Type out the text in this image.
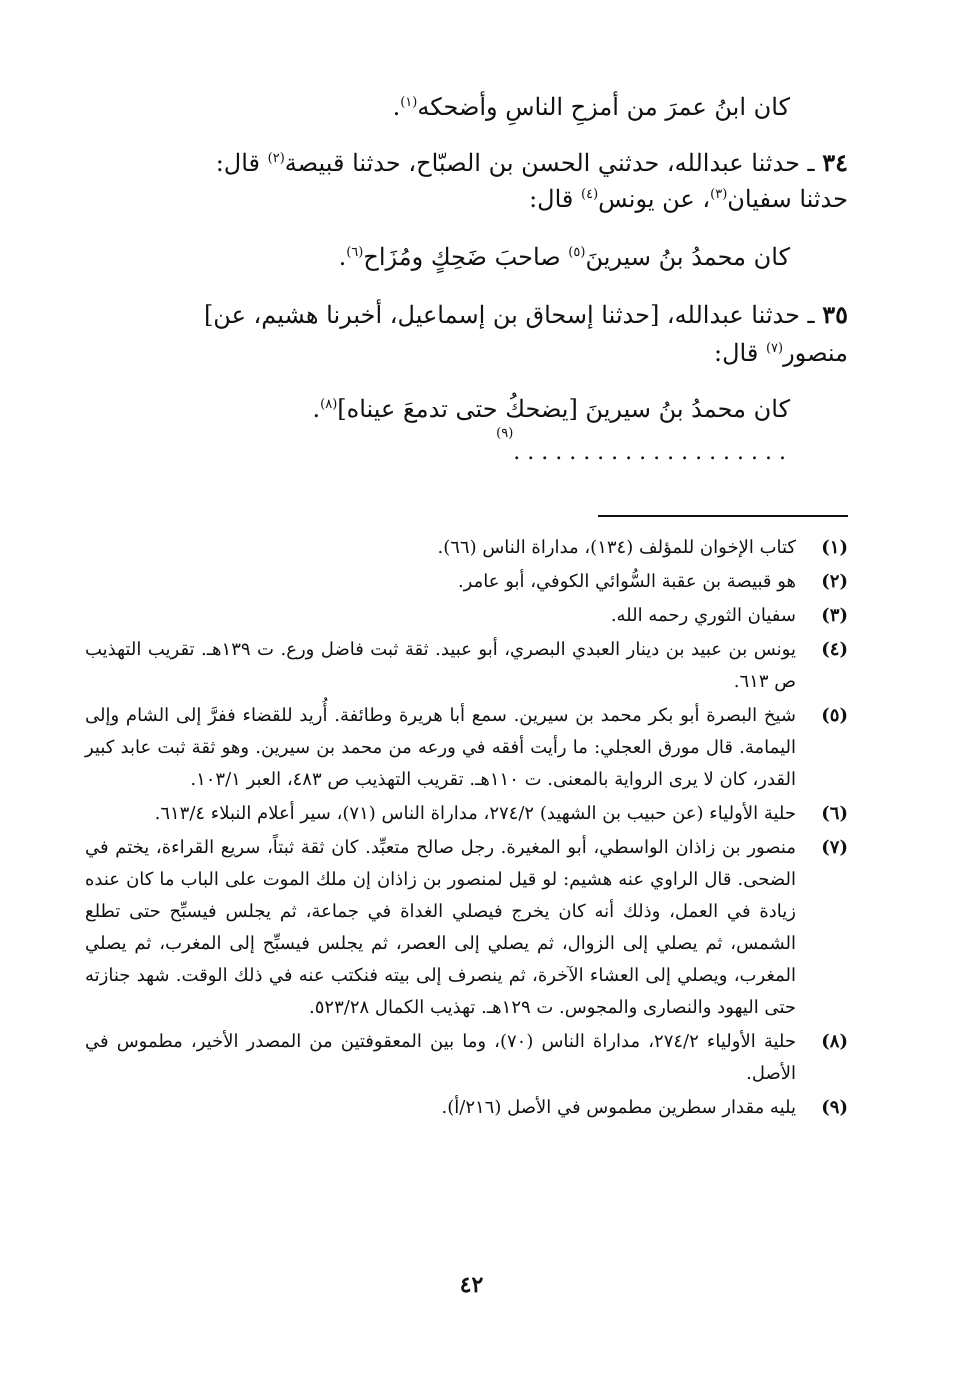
كان ابنُ عمرَ من أمزحِ الناسِ وأضحكه$^{(١)}$.
٣٤ ـ حدثنا عبدالله، حدثني الحسن بن الصبّاح، حدثنا قبيصة$^{(٢)}$ قال:
حدثنا سفيان$^{(٣)}$، عن يونس$^{(٤)}$ قال:
كان محمدُ بنُ سيرينَ$^{(٥)}$ صاحبَ ضَحِكٍ ومُزَاح$^{(٦)}$.
٣٥ ـ حدثنا عبدالله، [حدثنا إسحاق بن إسماعيل، أخبرنا هشيم، عن]
منصور$^{(٧)}$ قال:
كان محمدُ بنُ سيرينَ [يضحكُ حتى تدمعَ عيناه]$^{(٨)}$.
. . . . . . . . . . . . . . . . . . . .$^{(٩)}$
(١)
كتاب الإخوان للمؤلف (١٣٤)، مداراة الناس (٦٦).
(٢)
هو قبيصة بن عقبة السُّوائي الكوفي، أبو عامر.
(٣)
سفيان الثوري رحمه الله.
(٤)
يونس بن عبيد بن دينار العبدي البصري، أبو عبيد. ثقة ثبت فاضل ورع. ت ١٣٩هـ. تقريب التهذيب ص ٦١٣.
(٥)
شيخ البصرة أبو بكر محمد بن سيرين. سمع أبا هريرة وطائفة. أُريد للقضاء ففرَّ إلى الشام وإلى اليمامة. قال مورق العجلي: ما رأيت أفقه في ورعه من محمد بن سيرين. وهو ثقة ثبت عابد كبير القدر، كان لا يرى الرواية بالمعنى. ت ١١٠هـ. تقريب التهذيب ص ٤٨٣، العبر ١٠٣/١.
(٦)
حلية الأولياء (عن حبيب بن الشهيد) ٢٧٤/٢، مداراة الناس (٧١)، سير أعلام النبلاء ٦١٣/٤.
(٧)
منصور بن زاذان الواسطي، أبو المغيرة. رجل صالح متعبِّد. كان ثقة ثبتاً، سريع القراءة، يختم في الضحى. قال الراوي عنه هشيم: لو قيل لمنصور بن زاذان إن ملك الموت على الباب ما كان عنده زيادة في العمل، وذلك أنه كان يخرج فيصلي الغداة في جماعة، ثم يجلس فيسبِّح حتى تطلع الشمس، ثم يصلي إلى الزوال، ثم يصلي إلى العصر، ثم يجلس فيسبِّح إلى المغرب، ثم يصلي المغرب، ويصلي إلى العشاء الآخرة، ثم ينصرف إلى بيته فنكتب عنه في ذلك الوقت. شهد جنازته حتى اليهود والنصارى والمجوس. ت ١٢٩هـ. تهذيب الكمال ٥٢٣/٢٨.
(٨)
حلية الأولياء ٢٧٤/٢، مداراة الناس (٧٠)، وما بين المعقوفتين من المصدر الأخير، مطموس في الأصل.
(٩)
يليه مقدار سطرين مطموس في الأصل (٢١٦/أ).
٤٢
